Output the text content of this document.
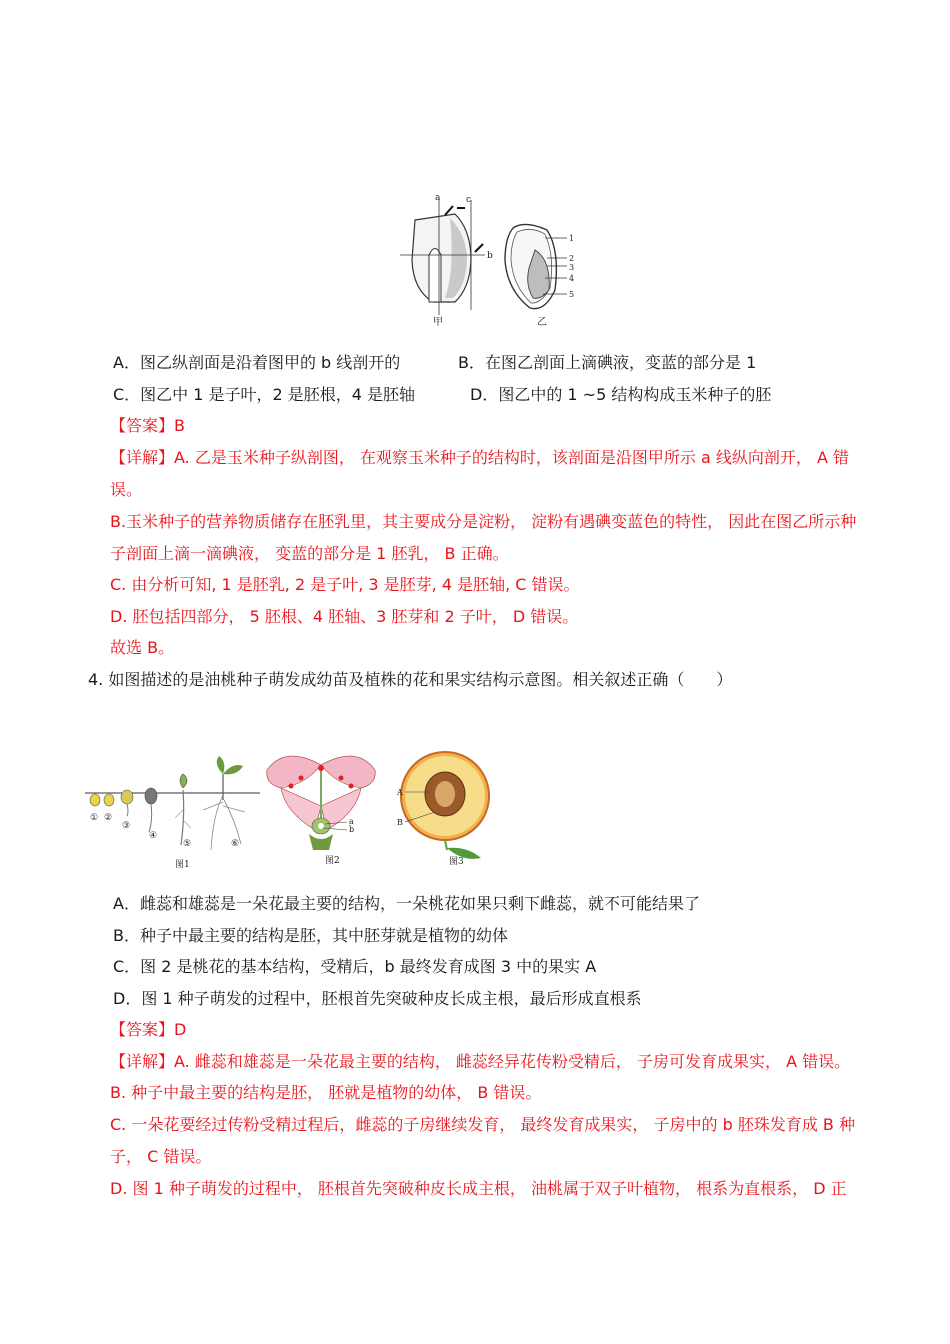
a	c
b
甲
1
2
3
4
5
乙
A．图乙纵剖面是沿着图甲的 b 线剖开的	B．在图乙剖面上滴碘液，变蓝的部分是 1
C．图乙中 1 是子叶，2 是胚根，4 是胚轴	D．图乙中的 1 ~5 结构构成玉米种子的胚
【答案】B
【详解】A. 乙是玉米种子纵剖图， 在观察玉米种子的结构时，该剖面是沿图甲所示 a 线纵向剖开， A 错
误。
B.玉米种子的营养物质储存在胚乳里，其主要成分是淀粉， 淀粉有遇碘变蓝色的特性， 因此在图乙所示种
子剖面上滴一滴碘液， 变蓝的部分是 1 胚乳， B 正确。
C. 由分析可知, 1 是胚乳, 2 是子叶, 3 是胚芽, 4 是胚轴, C 错误。
D. 胚包括四部分， 5 胚根、4 胚轴、3 胚芽和 2 子叶， D 错误。
故选 B。
4. 如图描述的是油桃种子萌发成幼苗及植株的花和果实结构示意图。相关叙述正确（　　）
① ②
③
④
⑤	⑥
图1
a
b
图2
A
B
图3
A．雌蕊和雄蕊是一朵花最主要的结构，一朵桃花如果只剩下雌蕊，就不可能结果了
B．种子中最主要的结构是胚，其中胚芽就是植物的幼体
C．图 2 是桃花的基本结构，受精后，b 最终发育成图 3 中的果实 A
D．图 1 种子萌发的过程中，胚根首先突破种皮长成主根，最后形成直根系
【答案】D
【详解】A. 雌蕊和雄蕊是一朵花最主要的结构， 雌蕊经异花传粉受精后， 子房可发育成果实， A 错误。
B. 种子中最主要的结构是胚， 胚就是植物的幼体， B 错误。
C. 一朵花要经过传粉受精过程后，雌蕊的子房继续发育， 最终发育成果实， 子房中的 b 胚珠发育成 B 种
子， C 错误。
D. 图 1 种子萌发的过程中， 胚根首先突破种皮长成主根， 油桃属于双子叶植物， 根系为直根系， D 正
